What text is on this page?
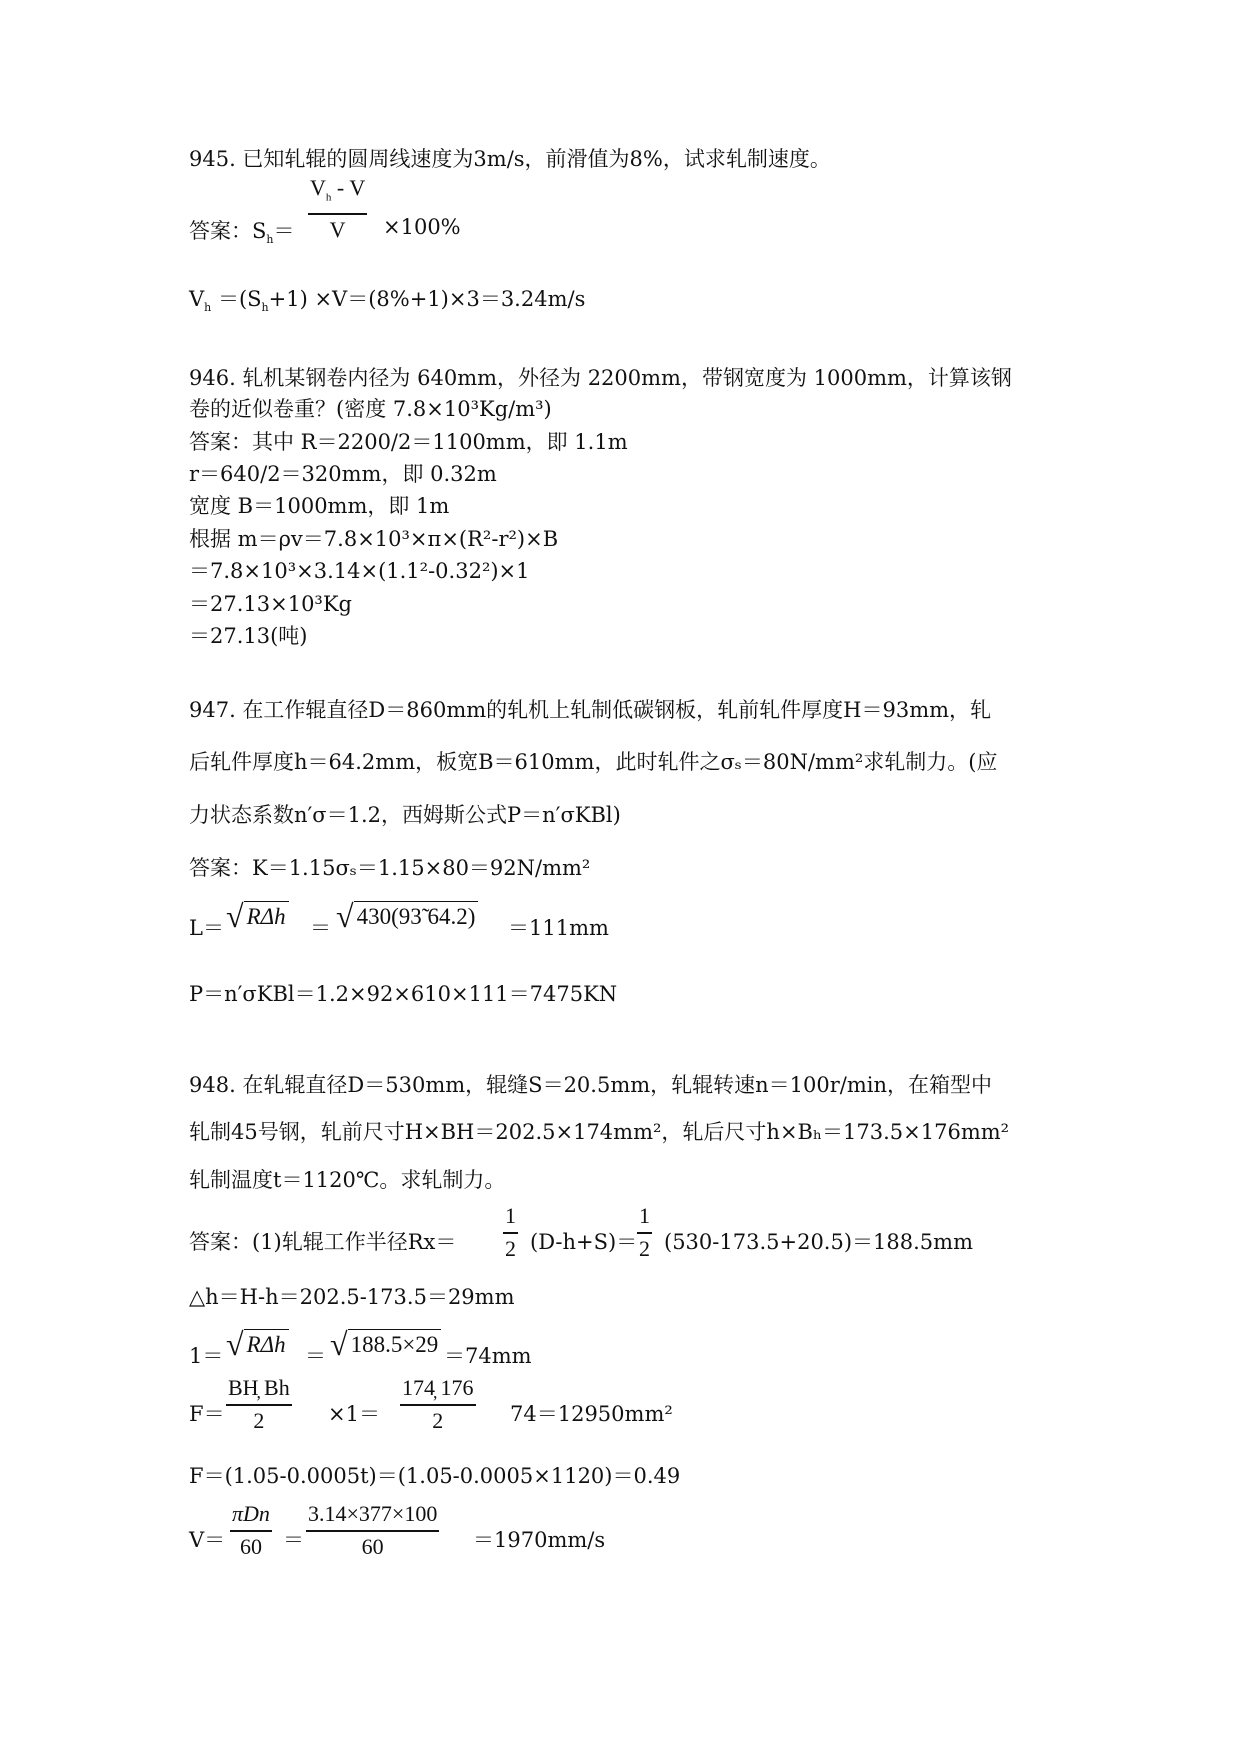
945. 已知轧辊的圆周线速度为3m/s，前滑值为8%，试求轧制速度。
答案：$S_h=$
$V_h$ - V
V ×100%
$V_h =(S_h+1) \times V=(8\%+1)\times 3=3.24m/s$
946. 轧机某钢卷内径为 640mm，外径为 2200mm，带钢宽度为 1000mm，计算该钢
卷的近似卷重？(密度 7.8×10³Kg/m³)
答案：其中 R＝2200/2＝1100mm，即 1.1m
r＝640/2＝320mm，即 0.32m
宽度 B＝1000mm，即 1m
根据 m＝ρv＝7.8×10³×π×(R²-r²)×B
＝7.8×10³×3.14×(1.1²-0.32²)×1
＝27.13×10³Kg
＝27.13(吨)
947. 在工作辊直径D＝860mm的轧机上轧制低碳钢板，轧前轧件厚度H＝93mm，轧
后轧件厚度h＝64.2mm，板宽B＝610mm，此时轧件之σₛ＝80N/mm²求轧制力。(应
力状态系数n′σ＝1.2，西姆斯公式P＝n′σKBl)
答案：K＝1.15σₛ＝1.15×80＝92N/mm²
L＝ √ RΔh ＝ √ 430(93̃ 64.2) ＝111mm
P＝n′σKBl＝1.2×92×610×111＝7475KN
948. 在轧辊直径D＝530mm，辊缝S＝20.5mm，轧辊转速n＝100r/min，在箱型中
轧制45号钢，轧前尺寸H×BH＝202.5×174mm²，轧后尺寸h×Bₕ＝173.5×176mm²
轧制温度t＝1120℃。求轧制力。
答案：(1)轧辊工作半径Rx＝
1
2 (D-h+S)＝
1
2 (530-173.5+20.5)＝188.5mm
△h＝H-h＝202.5-173.5＝29mm
1＝ √ RΔh ＝ √ 188.5×29 ＝74mm
F＝
BH̦ Bh
2	×1＝
174̦ 176
2	74＝12950mm²
F＝(1.05-0.0005t)＝(1.05-0.0005×1120)＝0.49
V＝
πDn
60 ＝
3.14×377×100
60	＝1970mm/s
